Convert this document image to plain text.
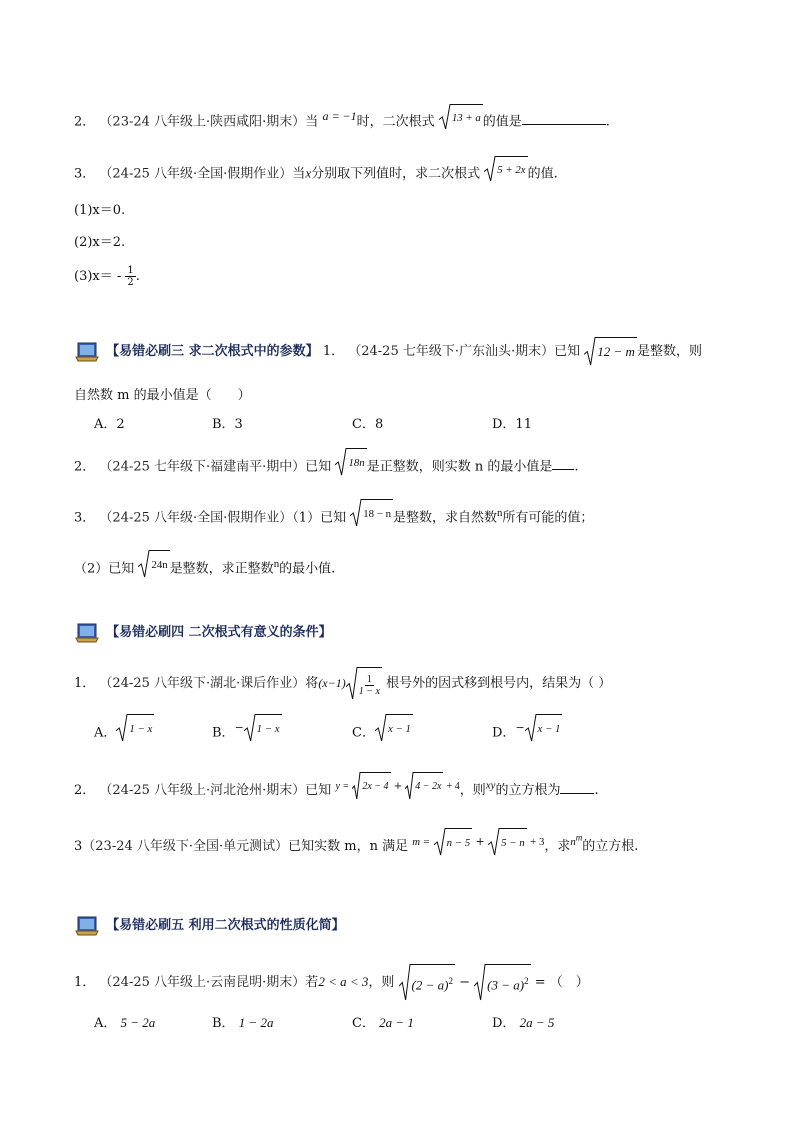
2． （23-24 八年级上·陕西咸阳·期末）当 $^{a = -1}$时，二次根式 $^{13 + a}$ 的值是	.
3． （24-25 八年级·全国·假期作业）当x分别取下列值时，求二次根式 $^{5 + 2x}$ 的值.
(1)x＝0.
(2)x＝2.
$(3)x= - \frac{1}{2}$ .
【易错必刷三 求二次根式中的参数】 1． （24-25 七年级下·广东汕头·期末）已知 12 − m 是整数，则
自然数 m 的最小值是（　　）
A．2	B．3	C．8	D．11
2． （24-25 七年级下·福建南平·期中）已知 $^{18n}$ 是正整数，则实数 n 的最小值是 .
3． （24-25 八年级·全国·假期作业）（1）已知 $^{18 - n}$ 是整数，求自然数$^n$所有可能的值；
（2）已知 $^{24n}$ 是整数，求正整数$^n$的最小值.
【易错必刷四 二次根式有意义的条件】
1． （24-25 八年级下·湖北·课后作业）将$(x-1) \frac{1}{1 - x}$ 根号外的因式移到根号内，结果为（ ）
A． $^{1 - x}$	B．$^{- 1 - x}$	C． $^{x - 1}$	D．$^{- x - 1}$
2． （24-25 八年级上·河北沧州·期末）已知 $^{y = 2x - 4 + 4 - 2x + 4}$，则$^{xy}$的立方根为	.
3（23-24 八年级下·全国·单元测试）已知实数 m，n 满足 $^{m = n - 5 + 5 - n + 3}$，求$^{n^m}$的立方根.
【易错必刷五 利用二次根式的性质化简】
1． （24-25 八年级上·云南昆明·期末）若2 < a < 3，则 $(2 - a)^2 - (3 - a)^2$ = （　）
A． 5 − 2a	B． 1 − 2a	C． 2a − 1	D． 2a − 5
